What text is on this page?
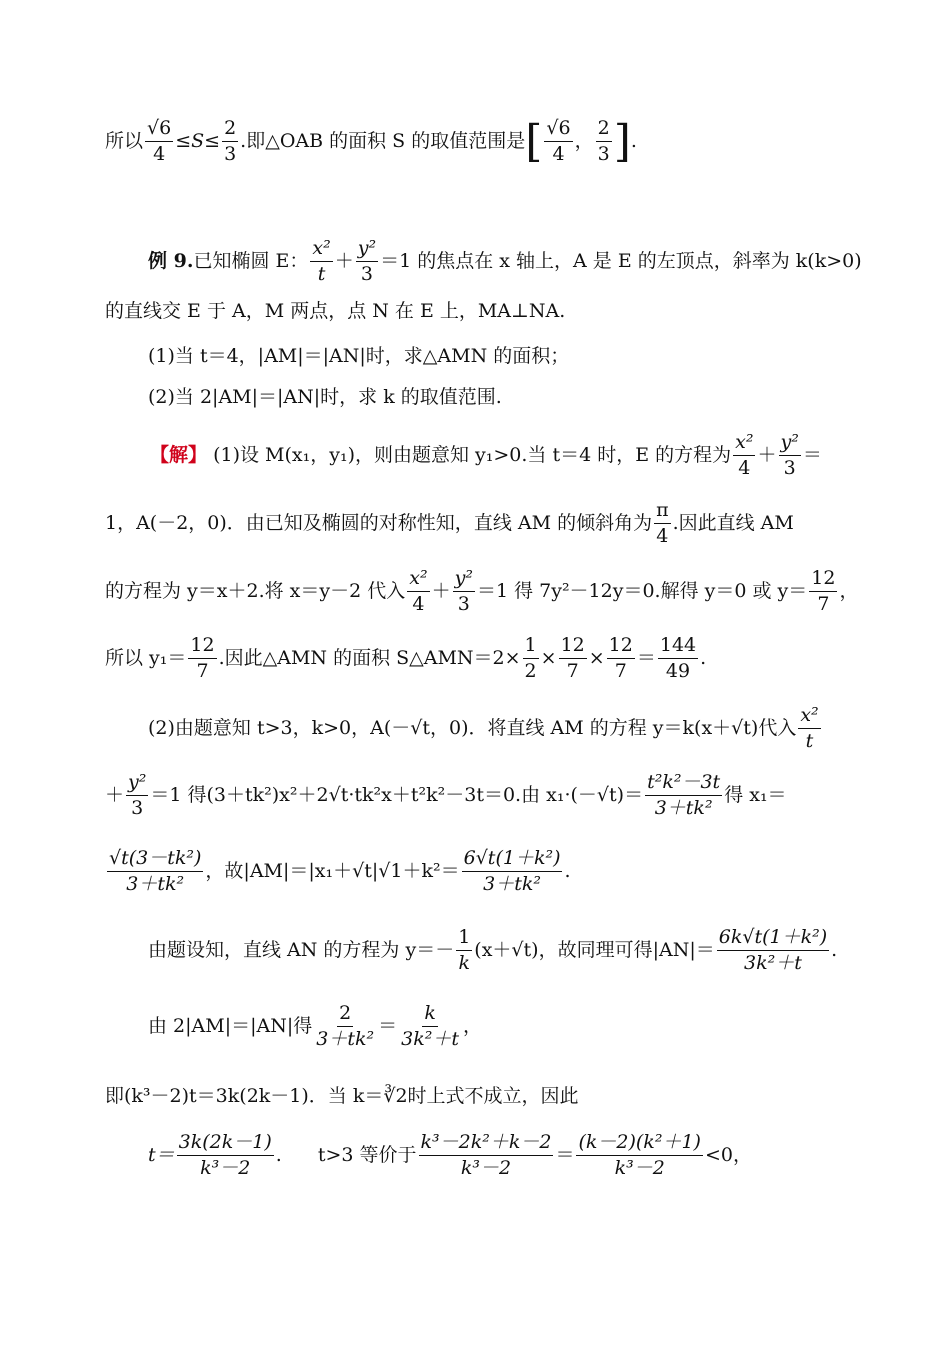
所以 $\frac{√6}{4} \le S\le \frac{2}{3}$ .即△OAB 的面积 S 的取值范围是[ $\frac{√6}{4}$ ， $\frac{2}{3}$ ].
例 9.已知椭圆 E： $\frac{\text{x²}}{t} + \frac{\text{y²}}{3} =1$ 的焦点在 x 轴上，A 是 E 的左顶点，斜率为 k(k>0)
的直线交 E 于 A，M 两点，点 N 在 E 上，MA⊥NA.
(1)当 t＝4，|AM|＝|AN|时，求△AMN 的面积；
(2)当 2|AM|＝|AN|时，求 k 的取值范围.
【解】 (1)设 M(x₁，y₁)，则由题意知 y₁>0.当 t＝4 时，E 的方程为 $\frac{\text{x²}}{4} + \frac{\text{y²}}{3}$ ＝
1，A(－2，0)．由已知及椭圆的对称性知，直线 AM 的倾斜角为 $\frac{\pi}{4}$ .因此直线 AM
的方程为 y＝x＋2.将 x＝y－2 代入 $\frac{\text{x²}}{4} + \frac{\text{y²}}{3} =1$ 得 7y²－12y＝0.解得 y＝0 或 $y= \frac{12}{7}$ ，
所以 $y_1= \frac{12}{7}$ .因此△AMN 的面积 S△AMN＝2× $\frac{1}{2} \times \frac{12}{7} \times \frac{12}{7} = \frac{144}{49}$ .
(2)由题意知 t>3，k>0，A(－√t，0)．将直线 AM 的方程 y＝k(x＋√t)代入 $\frac{\text{x²}}{t}$
＋ $\frac{\text{y²}}{3} =1$ 得(3＋tk²)x²＋2√t·tk²x＋t²k²－3t＝0.由 $x_1\cdot(-√t)= \frac{\text{t²k²－3t}}{\text{3＋tk²}}$ 得 x₁＝
$\frac{\text{√t(3－tk²)}}{\text{3＋tk²}}$ ，故$|AM|=|x_1+√t|√1+k^2= \frac{\text{6√t(1＋k²)}}{\text{3＋tk²}}$ .
由题设知，直线 AN 的方程为 $y=- \frac{1}{k} (x+√t)$，故同理可得$|AN|= \frac{\text{6k√t(1＋k²)}}{\text{3k²＋t}}$ .
由 2|AM|＝|AN|得 $\frac{2}{\text{3＋tk²}} = \frac{k}{\text{3k²＋t}}$ ，
即(k³－2)t＝3k(2k－1)．当 k＝∛2时上式不成立，因此
$t= \frac{3k(2k-1)}{\text{k³－2}}$ . t>3 等价于 $\frac{\text{k³－2k²＋k－2}}{\text{k³－2}} = \frac{\text{(k－2)(k²＋1)}}{\text{k³－2}} <0$，
